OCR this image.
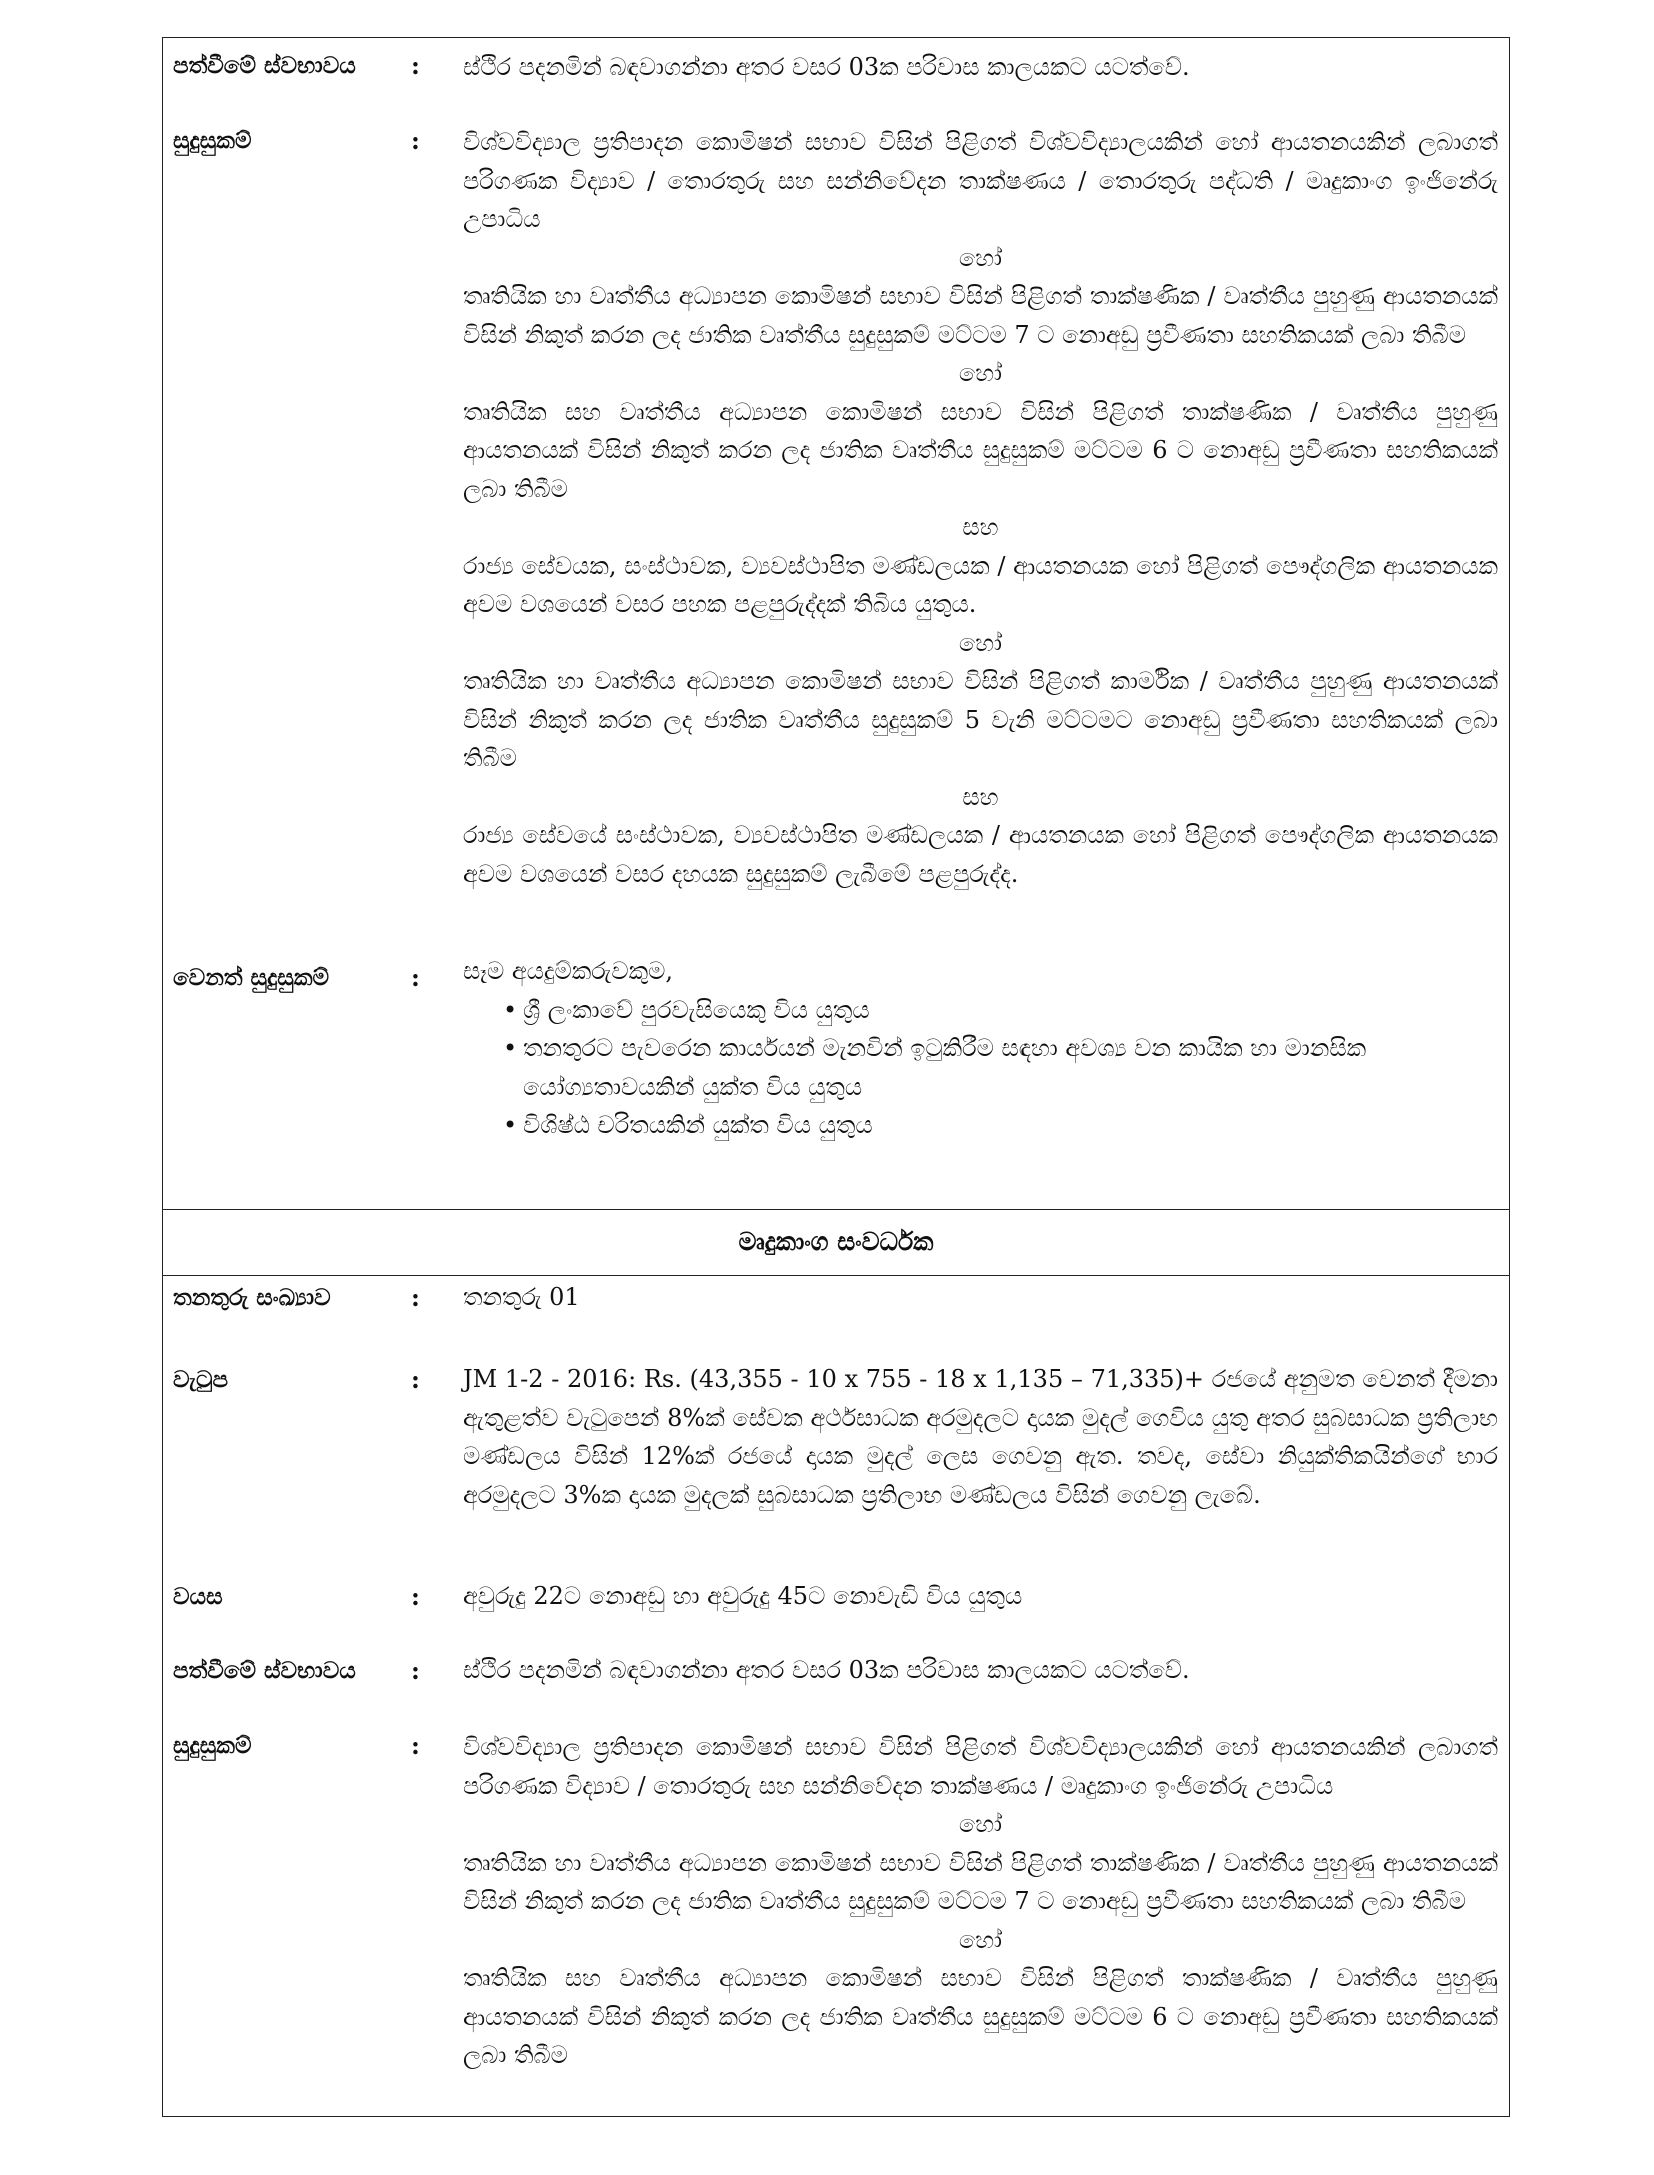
පත්වීමේ ස්වභාවය	: ස්ථිර පදනමින් බඳවාගන්නා අතර වසර 03ක පරිවාස කාලයකට යටත්වේ.

සුදුසුකම්	: විශ්වවිද්‍යාල ප්‍රතිපාදන කොමිෂන් සභාව විසින් පිළිගත් විශ්වවිද්‍යාලයකින් හෝ ආයතනයකින් ලබාගත් පරිගණක විද්‍යාව / තොරතුරු සහ සන්නිවේදන තාක්ෂණය / තොරතුරු පද්ධති / මෘදුකාංග ඉංජිනේරු උපාධිය

හෝ

තෘතියික හා වෘත්තීය අධ්‍යාපන කොමිෂන් සභාව විසින් පිළිගත් තාක්ෂණික / වෘත්තීය පුහුණු ආයතනයක් විසින් නිකුත් කරන ලද ජාතික වෘත්තීය සුදුසුකම් මට්ටම 7 ට නොඅඩු ප්‍රවීණතා සහතිකයක් ලබා තිබීම

හෝ

තෘතියික සහ වෘත්තීය අධ්‍යාපන කොමිෂන් සභාව විසින් පිළිගත් තාක්ෂණික / වෘත්තීය පුහුණු ආයතනයක් විසින් නිකුත් කරන ලද ජාතික වෘත්තීය සුදුසුකම් මට්ටම 6 ට නොඅඩු ප්‍රවීණතා සහතිකයක් ලබා තිබීම

සහ

රාජ්‍ය සේවයක, සංස්ථාවක, ව්‍යවස්ථාපිත මණ්ඩලයක / ආයතනයක හෝ පිළිගත් පෞද්ගලික ආයතනයක අවම වශයෙන් වසර පහක පළපුරුද්දක් තිබිය යුතුය.

හෝ

තෘතියික හා වෘත්තීය අධ්‍යාපන කොමිෂන් සභාව විසින් පිළිගත් කාර්මික / වෘත්තීය පුහුණු ආයතනයක් විසින් නිකුත් කරන ලද ජාතික වෘත්තීය සුදුසුකම් 5 වැනි මට්ටමට නොඅඩු ප්‍රවීණතා සහතිකයක් ලබා තිබීම

සහ

රාජ්‍ය සේවයේ සංස්ථාවක, ව්‍යවස්ථාපිත මණ්ඩලයක / ආයතනයක හෝ පිළිගත් පෞද්ගලික ආයතනයක අවම වශයෙන් වසර දහයක සුදුසුකම් ලැබීමේ පළපුරුද්ද.

වෙනත් සුදුසුකම්	: සෑම අයදුම්කරුවකුම,

• ශ්‍රී ලංකාවේ පුරවැසියෙකු විය යුතුය
• තනතුරට පැවරෙන කාර්යයන් මැනවින් ඉටුකිරීම සඳහා අවශ්‍ය වන කායික හා මානසික යෝග්‍යතාවයකින් යුක්ත විය යුතුය
• විශිෂ්ඨ චරිතයකින් යුක්ත විය යුතුය
මෘදුකාංග සංවර්ධක
තනතුරු සංඛ්‍යාව	: තනතුරු 01

වැටුප	: JM 1-2 - 2016: Rs. (43,355 - 10 x 755 - 18 x 1,135 – 71,335)+ රජයේ අනුමත වෙනත් දීමනා ඇතුළත්ව වැටුපෙන් 8%ක් සේවක අර්ථසාධක අරමුදලට දායක මුදල් ගෙවිය යුතු අතර සුබසාධක ප්‍රතිලාභ මණ්ඩලය විසින් 12%ක් රජයේ දායක මුදල් ලෙස ගෙවනු ඇත. තවද, සේවා නියුක්තිකයින්ගේ භාර අරමුදලට 3%ක දායක මුදලක් සුබසාධක ප්‍රතිලාභ මණ්ඩලය විසින් ගෙවනු ලැබේ.

වයස	: අවුරුදු 22ට නොඅඩු හා අවුරුදු 45ට නොවැඩි විය යුතුය

පත්වීමේ ස්වභාවය	: ස්ථිර පදනමින් බඳවාගන්නා අතර වසර 03ක පරිවාස කාලයකට යටත්වේ.

සුදුසුකම්	: විශ්වවිද්‍යාල ප්‍රතිපාදන කොමිෂන් සභාව විසින් පිළිගත් විශ්වවිද්‍යාලයකින් හෝ ආයතනයකින් ලබාගත් පරිගණක විද්‍යාව / තොරතුරු සහ සන්නිවේදන තාක්ෂණය / මෘදුකාංග ඉංජිනේරු උපාධිය

හෝ

තෘතියික හා වෘත්තීය අධ්‍යාපන කොමිෂන් සභාව විසින් පිළිගත් තාක්ෂණික / වෘත්තීය පුහුණු ආයතනයක් විසින් නිකුත් කරන ලද ජාතික වෘත්තීය සුදුසුකම් මට්ටම 7 ට නොඅඩු ප්‍රවීණතා සහතිකයක් ලබා තිබීම

හෝ

තෘතියික සහ වෘත්තීය අධ්‍යාපන කොමිෂන් සභාව විසින් පිළිගත් තාක්ෂණික / වෘත්තීය පුහුණු ආයතනයක් විසින් නිකුත් කරන ලද ජාතික වෘත්තීය සුදුසුකම් මට්ටම 6 ට නොඅඩු ප්‍රවීණතා සහතිකයක් ලබා තිබීම
